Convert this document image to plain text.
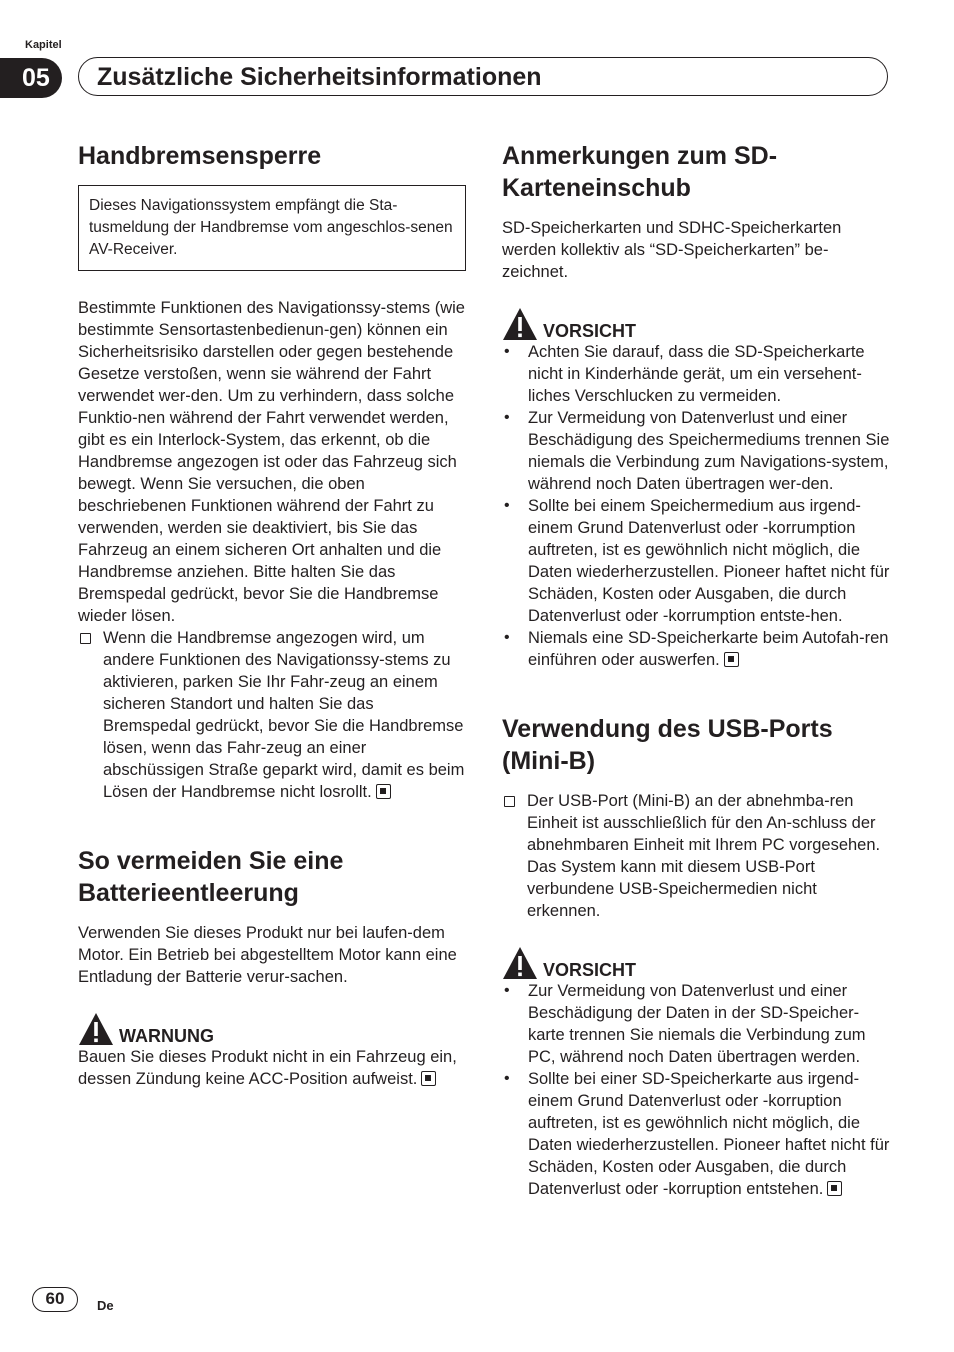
Kapitel
05	Zusätzliche Sicherheitsinformationen
Handbremsensperre
Dieses Navigationssystem empfängt die Sta-tusmeldung der Handbremse vom angeschlos-senen AV-Receiver.

Bestimmte Funktionen des Navigationssy-stems (wie bestimmte Sensortastenbedienun-gen) können ein Sicherheitsrisiko darstellen oder gegen bestehende Gesetze verstoßen, wenn sie während der Fahrt verwendet wer-den. Um zu verhindern, dass solche Funktio-nen während der Fahrt verwendet werden, gibt es ein Interlock-System, das erkennt, ob die Handbremse angezogen ist oder das Fahrzeug sich bewegt. Wenn Sie versuchen, die oben beschriebenen Funktionen während der Fahrt zu verwenden, werden sie deaktiviert, bis Sie das Fahrzeug an einem sicheren Ort anhalten und die Handbremse anziehen. Bitte halten Sie das Bremspedal gedrückt, bevor Sie die Handbremse wieder lösen.

Wenn die Handbremse angezogen wird, um andere Funktionen des Navigationssy-stems zu aktivieren, parken Sie Ihr Fahr-zeug an einem sicheren Standort und halten Sie das Bremspedal gedrückt, bevor Sie die Handbremse lösen, wenn das Fahr-zeug an einer abschüssigen Straße geparkt wird, damit es beim Lösen der Handbremse nicht losrollt.
So vermeiden Sie eine Batterieentleerung

Verwenden Sie dieses Produkt nur bei laufen-dem Motor. Ein Betrieb bei abgestelltem Motor kann eine Entladung der Batterie verur-sachen.

WARNUNG

Bauen Sie dieses Produkt nicht in ein Fahrzeug ein, dessen Zündung keine ACC-Position aufweist.

Anmerkungen zum SD-Karteneinschub

SD-Speicherkarten und SDHC-Speicherkarten werden kollektiv als “SD-Speicherkarten” be-zeichnet.

VORSICHT
• Achten Sie darauf, dass die SD-Speicherkarte nicht in Kinderhände gerät, um ein versehent-liches Verschlucken zu vermeiden.
• Zur Vermeidung von Datenverlust und einer Beschädigung des Speichermediums trennen Sie niemals die Verbindung zum Navigations-system, während noch Daten übertragen wer-den.
• Sollte bei einem Speichermedium aus irgend-einem Grund Datenverlust oder -korrumption auftreten, ist es gewöhnlich nicht möglich, die Daten wiederherzustellen. Pioneer haftet nicht für Schäden, Kosten oder Ausgaben, die durch Datenverlust oder -korrumption entste-hen.
• Niemals eine SD-Speicherkarte beim Autofah-ren einführen oder auswerfen.
Verwendung des USB-Ports (Mini-B)
Der USB-Port (Mini-B) an der abnehmba-ren Einheit ist ausschließlich für den An-schluss der abnehmbaren Einheit mit Ihrem PC vorgesehen. Das System kann mit diesem USB-Port verbundene USB-Speichermedien nicht erkennen.
VORSICHT
• Zur Vermeidung von Datenverlust und einer Beschädigung der Daten in der SD-Speicher-karte trennen Sie niemals die Verbindung zum PC, während noch Daten übertragen werden.
• Sollte bei einer SD-Speicherkarte aus irgend-einem Grund Datenverlust oder -korruption auftreten, ist es gewöhnlich nicht möglich, die Daten wiederherzustellen. Pioneer haftet nicht für Schäden, Kosten oder Ausgaben, die durch Datenverlust oder -korruption entstehen.
60	De
